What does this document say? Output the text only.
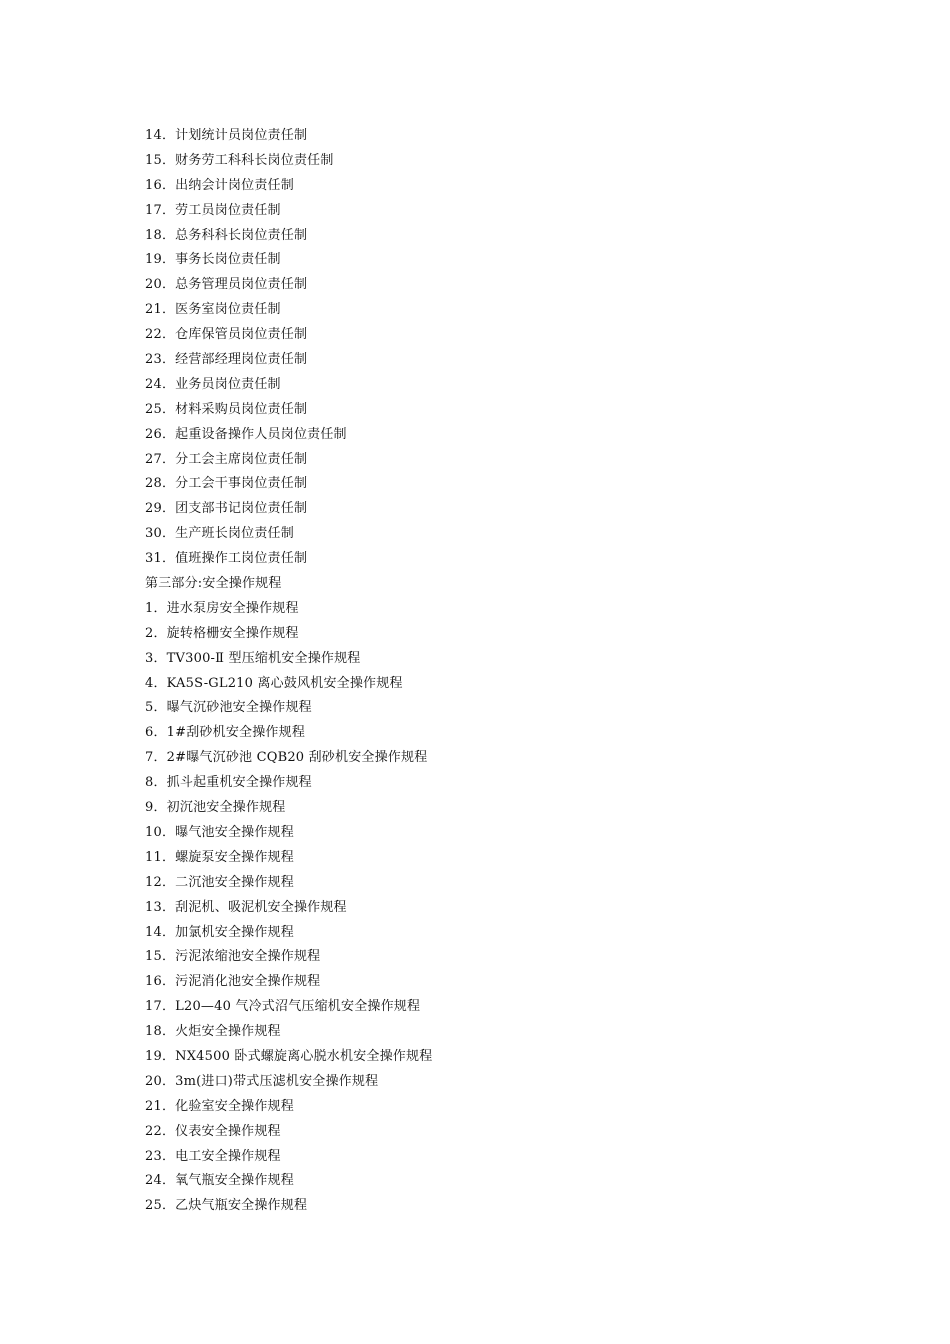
14．计划统计员岗位责任制
15．财务劳工科科长岗位责任制
16．出纳会计岗位责任制
17．劳工员岗位责任制
18．总务科科长岗位责任制
19．事务长岗位责任制
20．总务管理员岗位责任制
21．医务室岗位责任制
22．仓库保管员岗位责任制
23．经营部经理岗位责任制
24．业务员岗位责任制
25．材料采购员岗位责任制
26．起重设备操作人员岗位责任制
27．分工会主席岗位责任制
28．分工会干事岗位责任制
29．团支部书记岗位责任制
30．生产班长岗位责任制
31．值班操作工岗位责任制
第三部分:安全操作规程
1．进水泵房安全操作规程
2．旋转格栅安全操作规程
3．TV300-Ⅱ 型压缩机安全操作规程
4．KA5S-GL210 离心鼓风机安全操作规程
5．曝气沉砂池安全操作规程
6．1#刮砂机安全操作规程
7．2#曝气沉砂池 CQB20 刮砂机安全操作规程
8．抓斗起重机安全操作规程
9．初沉池安全操作规程
10．曝气池安全操作规程
11．螺旋泵安全操作规程
12．二沉池安全操作规程
13．刮泥机、吸泥机安全操作规程
14．加氯机安全操作规程
15．污泥浓缩池安全操作规程
16．污泥消化池安全操作规程
17．L20—40 气冷式沼气压缩机安全操作规程
18．火炬安全操作规程
19．NX4500 卧式螺旋离心脱水机安全操作规程
20．3m(进口)带式压滤机安全操作规程
21．化验室安全操作规程
22．仪表安全操作规程
23．电工安全操作规程
24．氧气瓶安全操作规程
25．乙炔气瓶安全操作规程
